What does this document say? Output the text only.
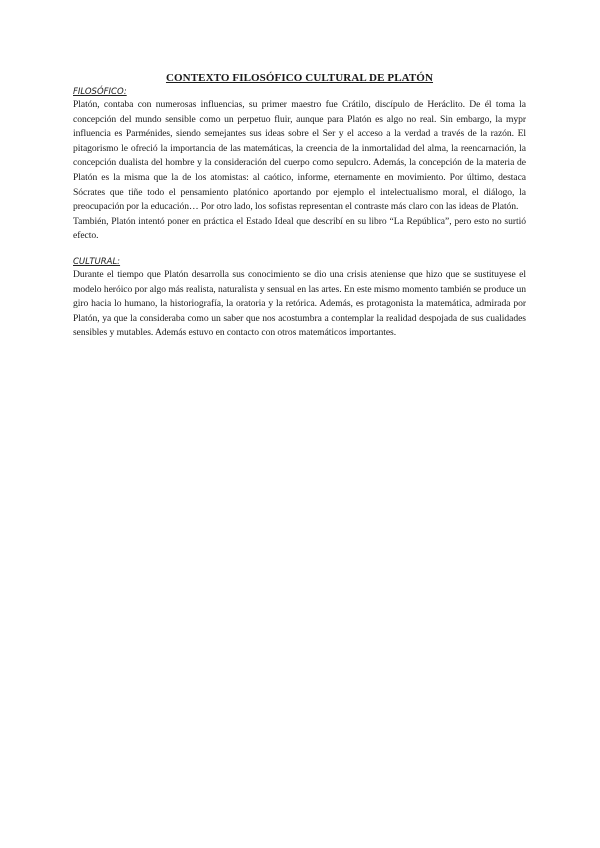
CONTEXTO FILOSÓFICO CULTURAL DE PLATÓN

FILOSÓFICO:

Platón, contaba con numerosas influencias, su primer maestro fue Crátilo, discípulo de Heráclito. De él toma la concepción del mundo sensible como un perpetuo fluir, aunque para Platón es algo no real. Sin embargo, la mypr influencia es Parménides, siendo semejantes sus ideas sobre el Ser y el acceso a la verdad a través de la razón. El pitagorismo le ofreció la importancia de las matemáticas, la creencia de la inmortalidad del alma, la reencarnación, la concepción dualista del hombre y la consideración del cuerpo como sepulcro. Además, la concepción de la materia de Platón es la misma que la de los atomistas: al caótico, informe, eternamente en movimiento. Por último, destaca Sócrates que tiñe todo el pensamiento platónico aportando por ejemplo el intelectualismo moral, el diálogo, la preocupación por la educación… Por otro lado, los sofistas representan el contraste más claro con las ideas de Platón.

También, Platón intentó poner en práctica el Estado Ideal que describí en su libro “La República”, pero esto no surtió efecto.

CULTURAL:

Durante el tiempo que Platón desarrolla sus conocimiento se dio una crisis ateniense que hizo que se sustituyese el modelo heróico por algo más realista, naturalista y sensual en las artes. En este mismo momento también se produce un giro hacia lo humano, la historiografía, la oratoria y la retórica. Además, es protagonista la matemática, admirada por Platón, ya que la consideraba como un saber que nos acostumbra a contemplar la realidad despojada de sus cualidades sensibles y mutables. Además estuvo en contacto con otros matemáticos importantes.
